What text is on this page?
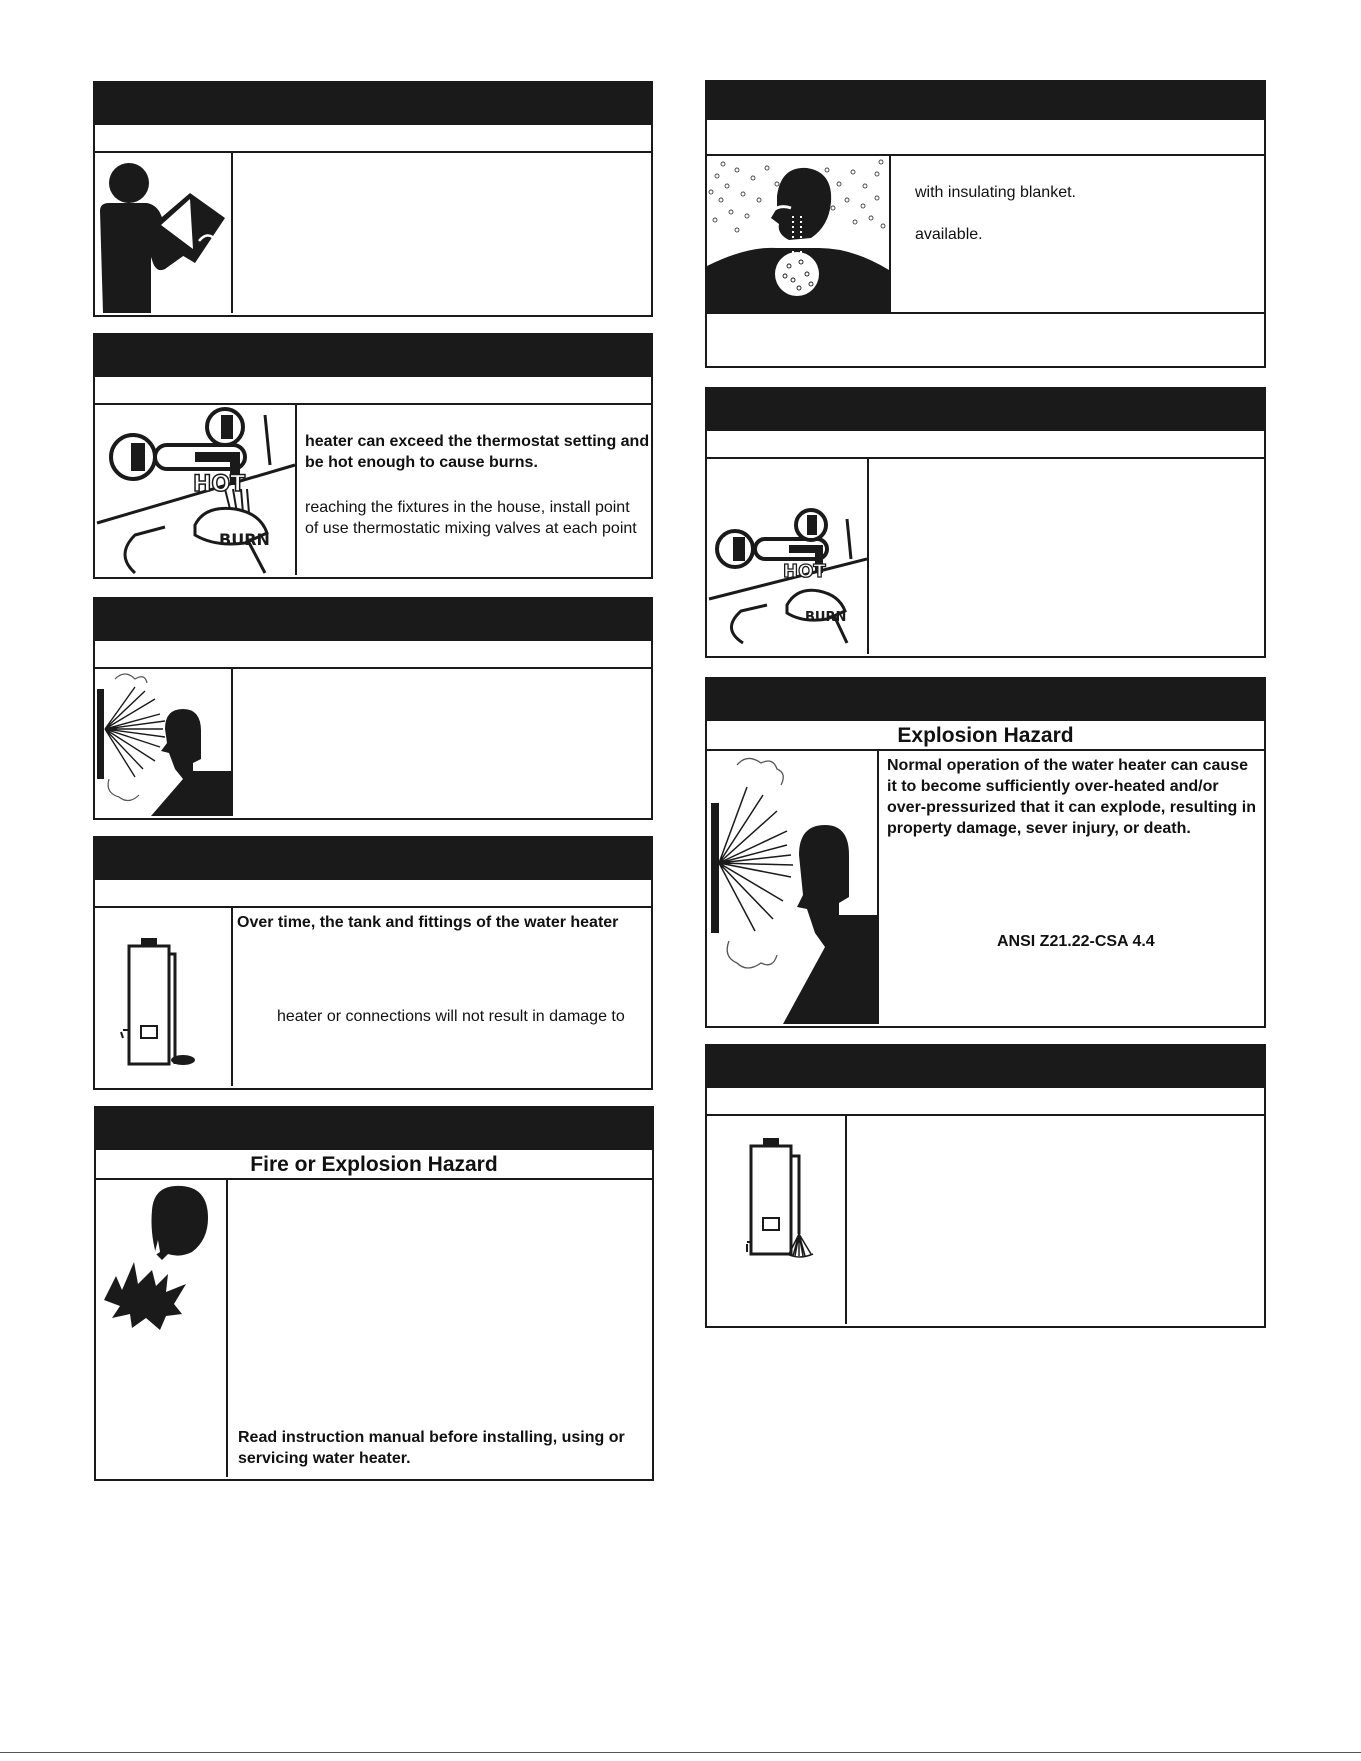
HOT
BURN
heater can exceed the thermostat setting and
be hot enough to cause burns.
reaching the fixtures in the house, install point
of use thermostatic mixing valves at each point
Over time, the tank and fittings of the water heater
heater or connections will not result in damage to
Fire or Explosion Hazard
Read instruction manual before installing, using or
servicing water heater.
with insulating blanket.
available.
HOT
BURN
Explosion Hazard
Normal operation of the water heater can cause
it to become sufficiently over-heated and/or
over-pressurized that it can explode, resulting in
property damage, sever injury, or death.
ANSI Z21.22-CSA 4.4
